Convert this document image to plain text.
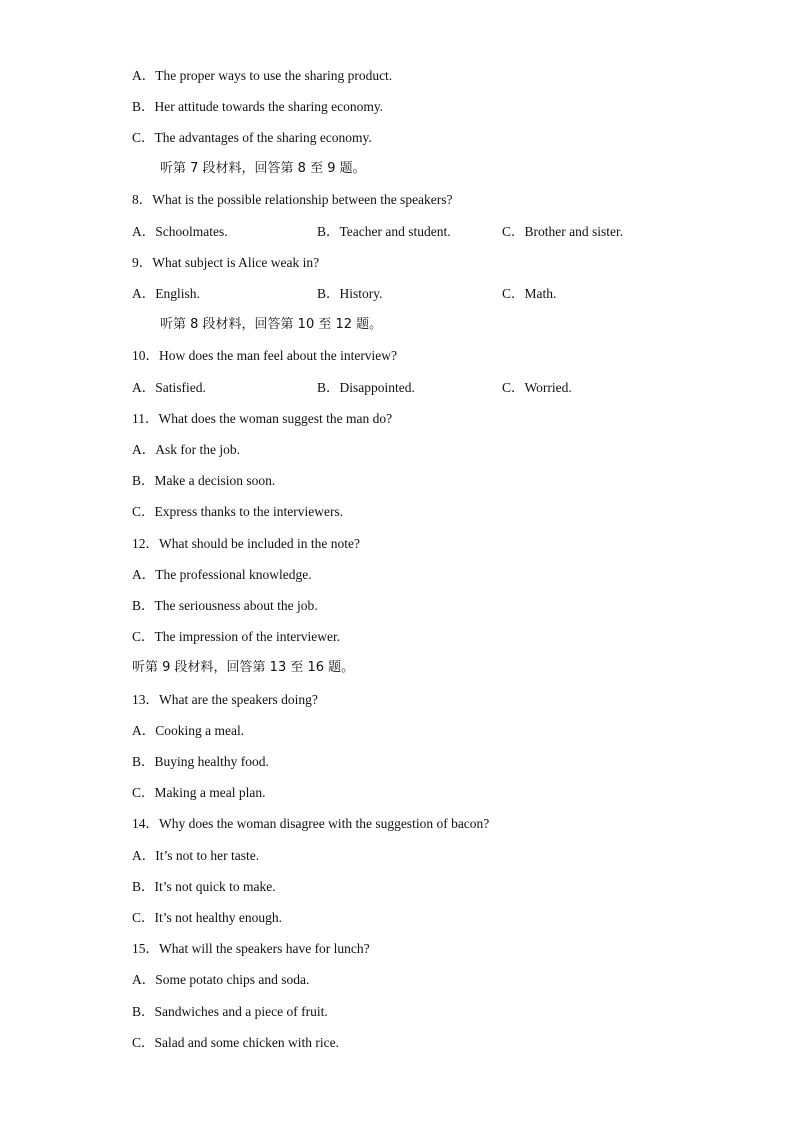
A．The proper ways to use the sharing product.
B．Her attitude towards the sharing economy.
C．The advantages of the sharing economy.
听第 7 段材料，回答第 8 至 9 题。
8．What is the possible relationship between the speakers?
A．Schoolmates.	B．Teacher and student.	C．Brother and sister.
9．What subject is Alice weak in?
A．English.	B．History.	C．Math.
听第 8 段材料，回答第 10 至 12 题。
10．How does the man feel about the interview?
A．Satisfied.	B．Disappointed.	C．Worried.
11．What does the woman suggest the man do?
A．Ask for the job.
B．Make a decision soon.
C．Express thanks to the interviewers.
12．What should be included in the note?
A．The professional knowledge.
B．The seriousness about the job.
C．The impression of the interviewer.
听第 9 段材料，回答第 13 至 16 题。
13．What are the speakers doing?
A．Cooking a meal.
B．Buying healthy food.
C．Making a meal plan.
14．Why does the woman disagree with the suggestion of bacon?
A．It’s not to her taste.
B．It’s not quick to make.
C．It’s not healthy enough.
15．What will the speakers have for lunch?
A．Some potato chips and soda.
B．Sandwiches and a piece of fruit.
C．Salad and some chicken with rice.
